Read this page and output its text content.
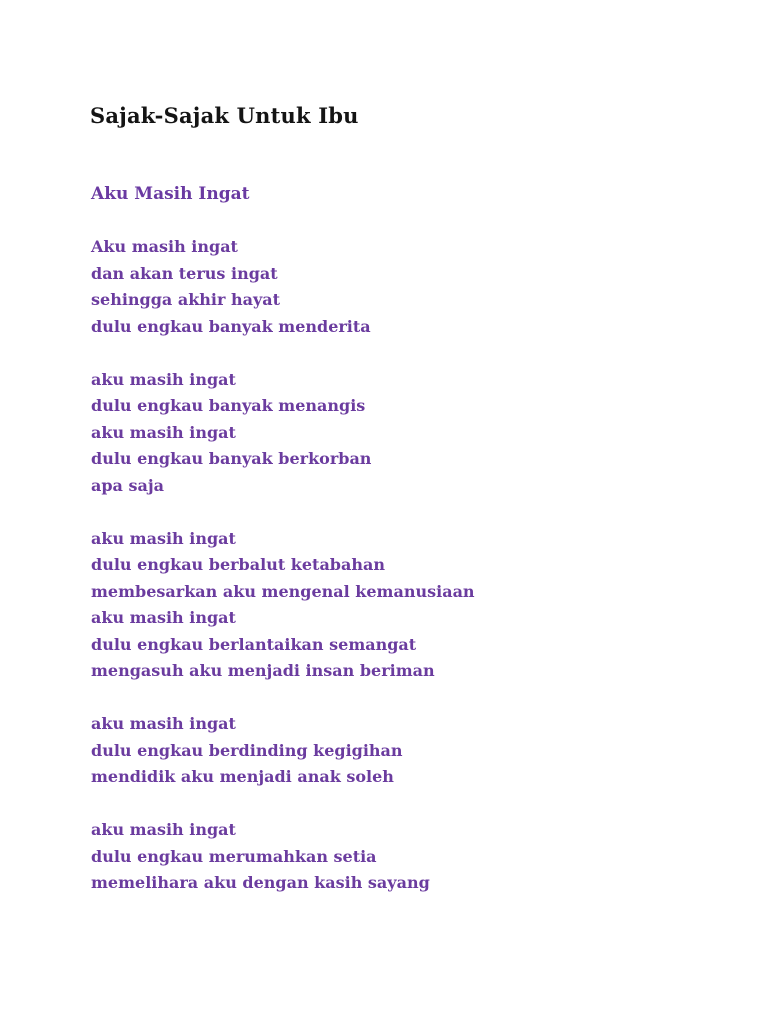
Sajak-Sajak Untuk Ibu
Aku Masih Ingat
Aku masih ingat
dan akan terus ingat
sehingga akhir hayat
dulu engkau banyak menderita
aku masih ingat
dulu engkau banyak menangis
aku masih ingat
dulu engkau banyak berkorban
apa saja
aku masih ingat
dulu engkau berbalut ketabahan
membesarkan aku mengenal kemanusiaan
aku masih ingat
dulu engkau berlantaikan semangat
mengasuh aku menjadi insan beriman
aku masih ingat
dulu engkau berdinding kegigihan
mendidik aku menjadi anak soleh
aku masih ingat
dulu engkau merumahkan setia
memelihara aku dengan kasih sayang
